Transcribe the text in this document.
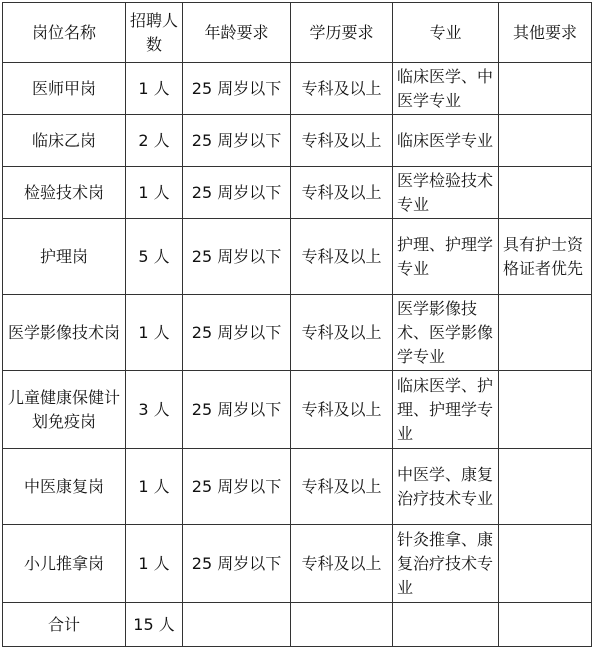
岗位名称	招聘人数	年龄要求	学历要求	专业	其他要求
医师甲岗	1 人	25 周岁以下	专科及以上	临床医学、中医学专业	
临床乙岗	2 人	25 周岁以下	专科及以上	临床医学专业	
检验技术岗	1 人	25 周岁以下	专科及以上	医学检验技术专业	
护理岗	5 人	25 周岁以下	专科及以上	护理、护理学专业	具有护士资格证者优先
医学影像技术岗	1 人	25 周岁以下	专科及以上	医学影像技术、医学影像学专业	
儿童健康保健计划免疫岗	3 人	25 周岁以下	专科及以上	临床医学、护理、护理学专业	
中医康复岗	1 人	25 周岁以下	专科及以上	中医学、康复治疗技术专业	
小儿推拿岗	1 人	25 周岁以下	专科及以上	针灸推拿、康复治疗技术专业	
合计	15 人				
